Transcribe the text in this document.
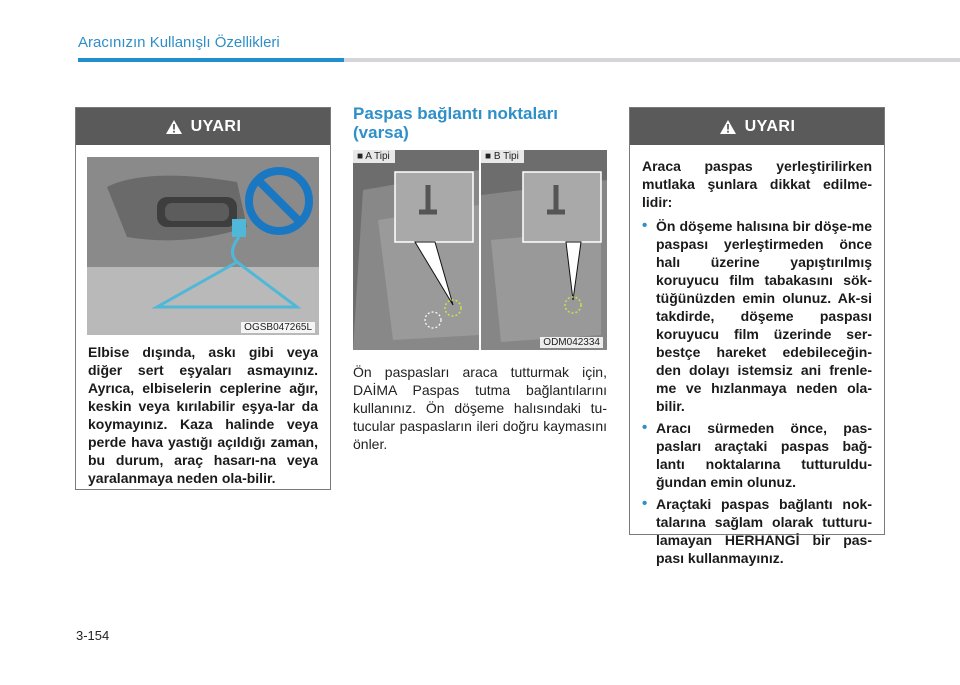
Aracınızın Kullanışlı Özellikleri
UYARI
OGSB047265L
Elbise dışında, askı gibi veya diğer sert eşyaları asmayınız. Ayrıca, elbiselerin ceplerine ağır, keskin veya kırılabilir eşya-lar da koymayınız. Kaza halinde veya perde hava yastığı açıldığı zaman, bu durum, araç hasarı-na veya yaralanmaya neden ola-bilir.
Paspas bağlantı noktaları (varsa)
■ A Tipi	■ B Tipi
ODM042334
Ön paspasları araca tutturmak için, DAİMA Paspas tutma bağlantılarını kullanınız. Ön döşeme halısındaki tu-tucular paspasların ileri doğru kaymasını önler.
UYARI
Araca paspas yerleştirilirken mutlaka şunlara dikkat edilme-lidir:
• Ön döşeme halısına bir döşe-me paspası yerleştirmeden önce halı üzerine yapıştırılmış koruyucu film tabakasını sök-tüğünüzden emin olunuz. Ak-si takdirde, döşeme paspası koruyucu film üzerinde ser-bestçe hareket edebileceğin-den dolayı istemsiz ani frenle-me ve hızlanmaya neden ola-bilir.
• Aracı sürmeden önce, pas-pasları araçtaki paspas bağ-lantı noktalarına tutturuldu-ğundan emin olunuz.
• Araçtaki paspas bağlantı nok-talarına sağlam olarak tutturu-lamayan HERHANGİ bir pas-pası kullanmayınız.
3-154
